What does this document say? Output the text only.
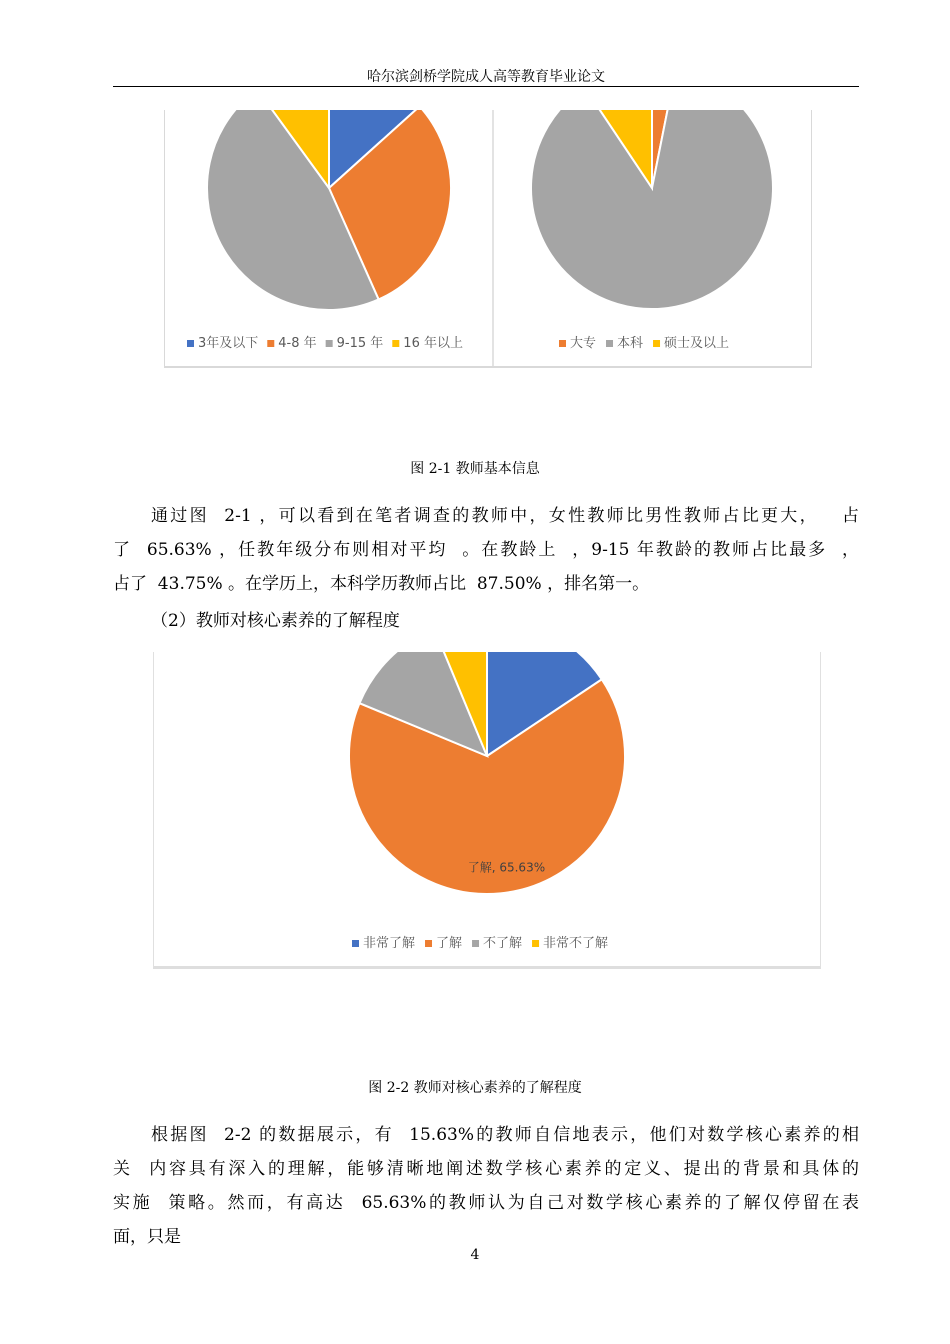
哈尔滨剑桥学院成人高等教育毕业论文
3年及以下 4-8 年 9-15 年 16 年以上	大专 本科 硕士及以上
图 2-1 教师基本信息
通过图  2-1 ，可以看到在笔者调查的教师中，女性教师比男性教师占比更大，   占
了  65.63% ，任教年级分布则相对平均  。在教龄上  ，9-15 年教龄的教师占比最多  ，
占了  43.75% 。在学历上，本科学历教师占比  87.50% ，排名第一。
（2）教师对核心素养的了解程度
了解, 65.63%
非常了解 了解 不了解 非常不了解
图 2-2 教师对核心素养的了解程度
根据图  2-2 的数据展示，有  15.63%的教师自信地表示，他们对数学核心素养的相
关  内容具有深入的理解，能够清晰地阐述数学核心素养的定义、提出的背景和具体的
实施  策略。然而，有高达  65.63%的教师认为自己对数学核心素养的了解仅停留在表
面，只是
4
